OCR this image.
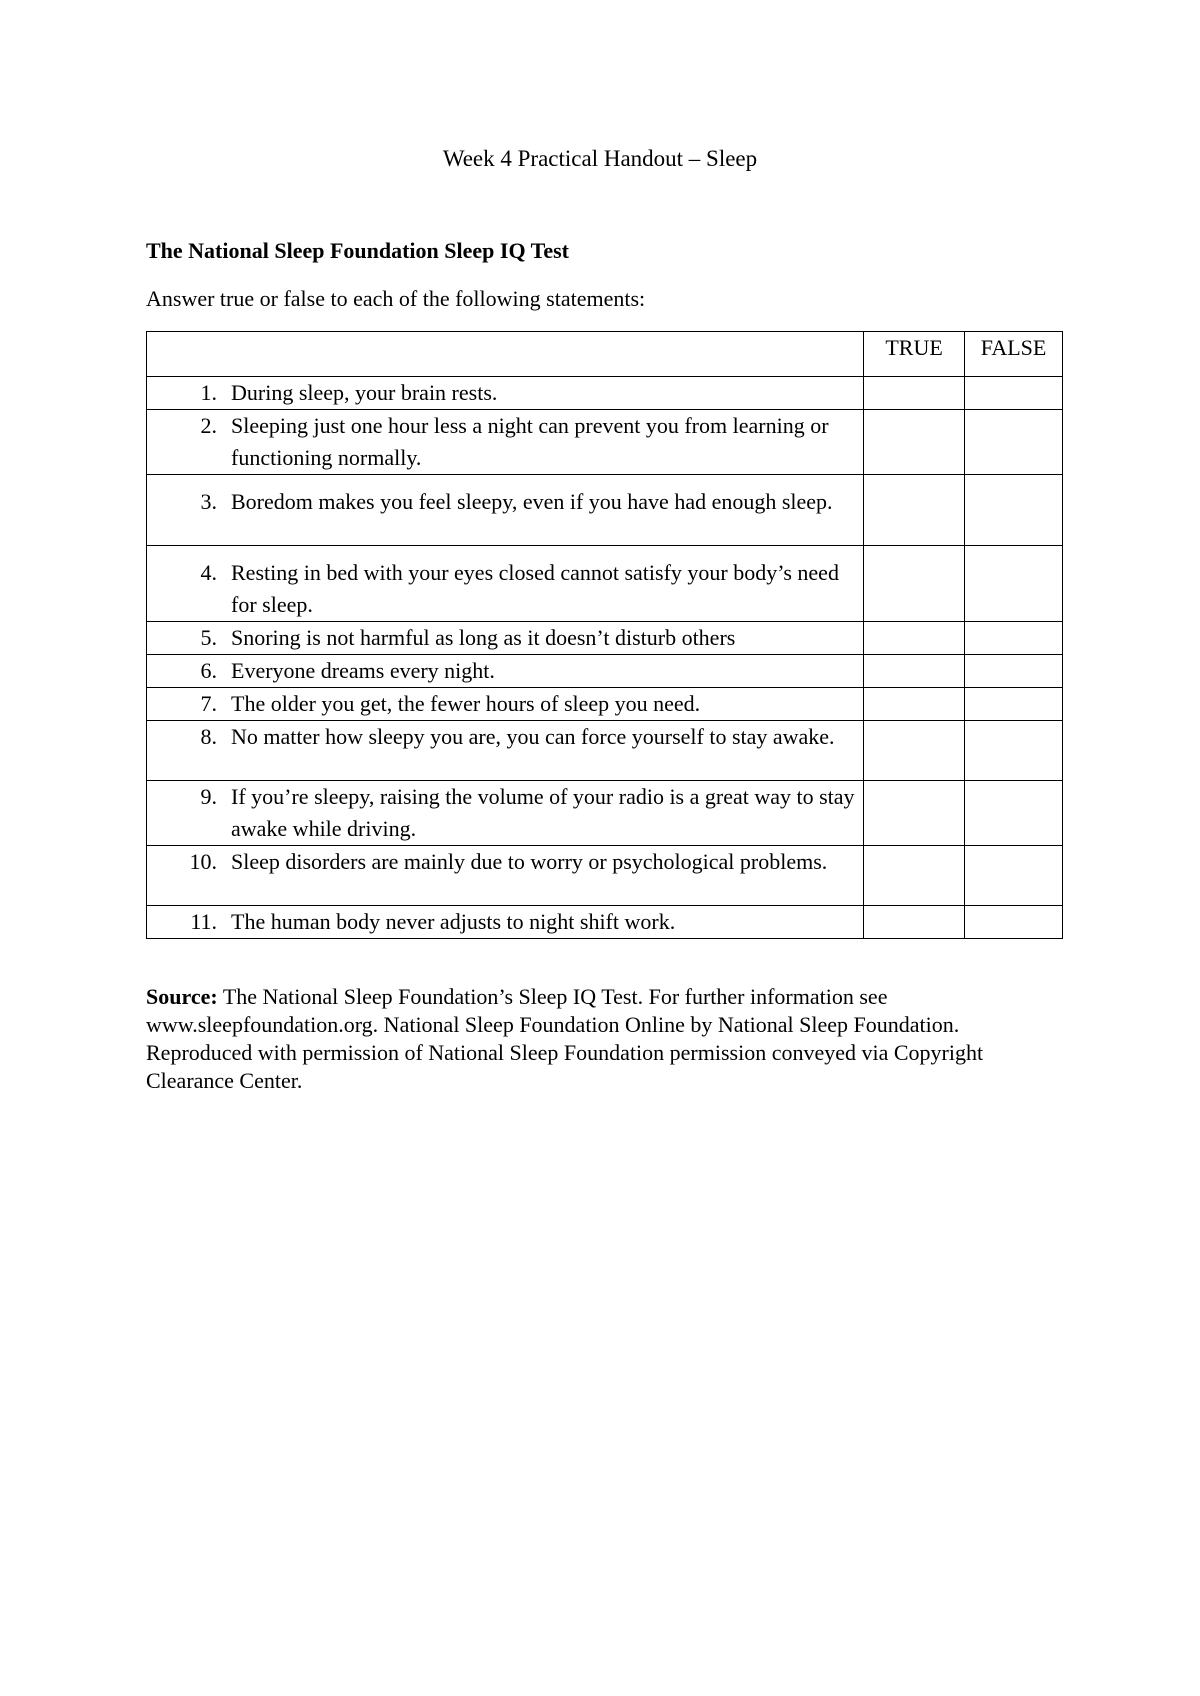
Week 4 Practical Handout – Sleep
The National Sleep Foundation Sleep IQ Test
Answer true or false to each of the following statements:
	TRUE	FALSE

1. During sleep, your brain rests.		

2. Sleeping just one hour less a night can prevent you from learning or functioning normally.		

3. Boredom makes you feel sleepy, even if you have had enough sleep.		

4. Resting in bed with your eyes closed cannot satisfy your body’s need for sleep.		

5. Snoring is not harmful as long as it doesn’t disturb others		

6. Everyone dreams every night.		

7. The older you get, the fewer hours of sleep you need.		

8. No matter how sleepy you are, you can force yourself to stay awake.		

9. If you’re sleepy, raising the volume of your radio is a great way to stay awake while driving.		

10. Sleep disorders are mainly due to worry or psychological problems.		

11. The human body never adjusts to night shift work.		

Source: The National Sleep Foundation’s Sleep IQ Test. For further information see www.sleepfoundation.org. National Sleep Foundation Online by National Sleep Foundation. Reproduced with permission of National Sleep Foundation permission conveyed via Copyright Clearance Center.
